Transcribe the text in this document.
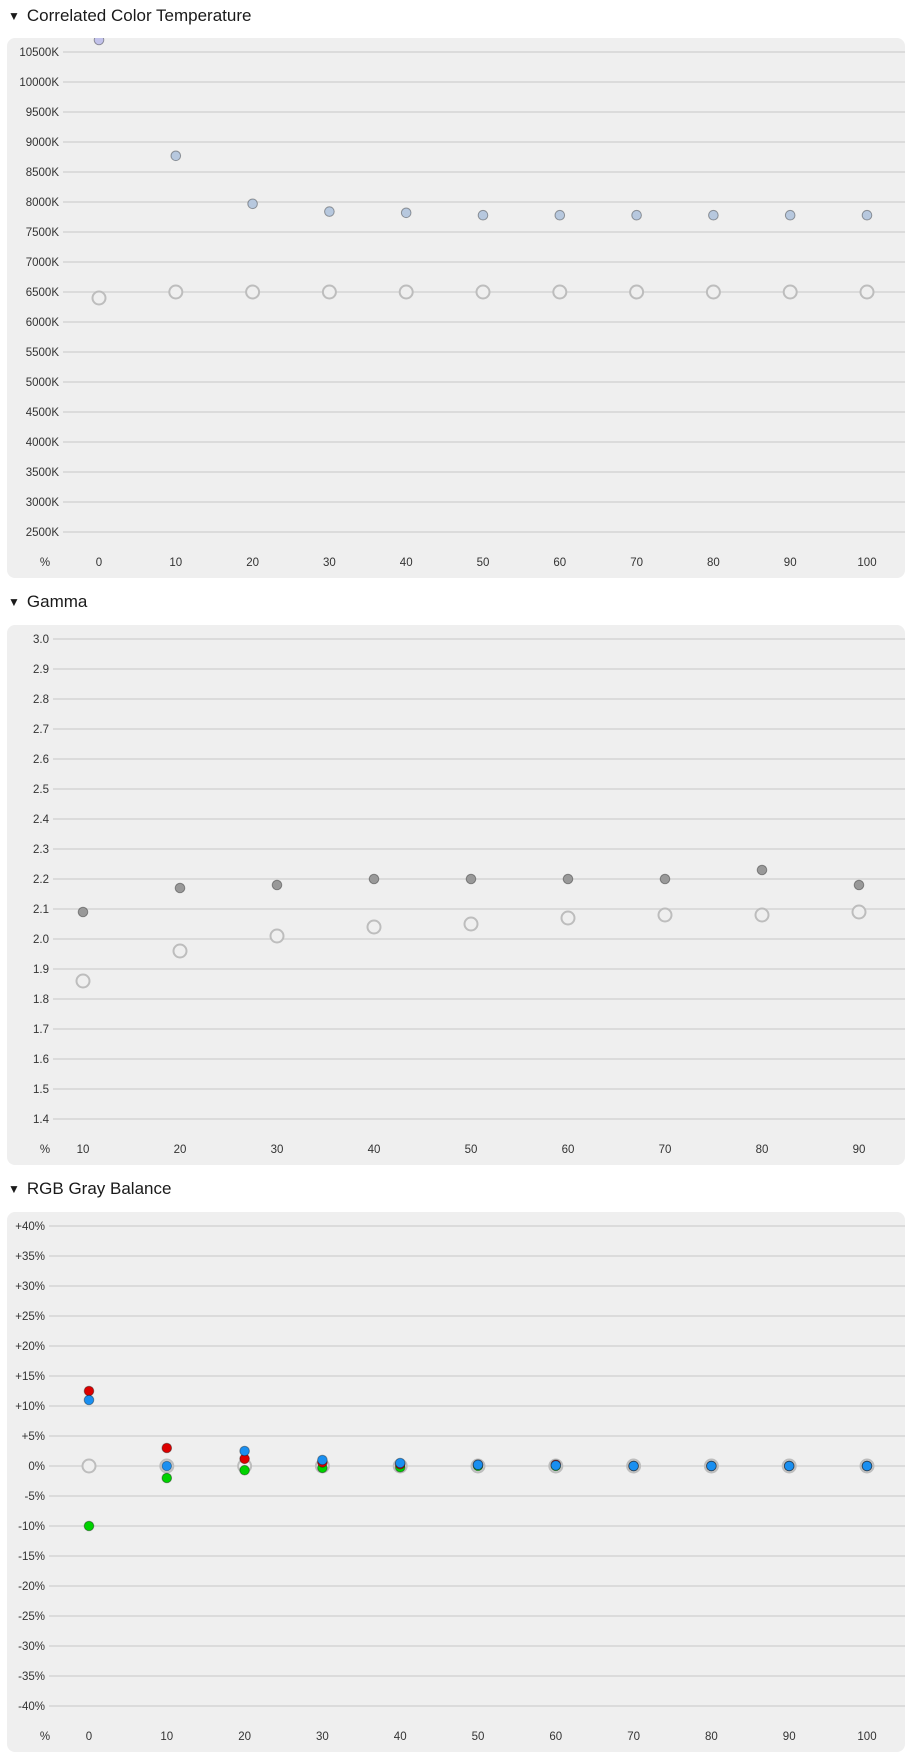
▼ Correlated Color Temperature
2500K
3000K
3500K
4000K
4500K
5000K
5500K
6000K
6500K
7000K
7500K
8000K
8500K
9000K
9500K
10000K
10500K
%	0	10	20	30	40	50	60	70	80	90	100
▼ Gamma
1.4
1.5
1.6
1.7
1.8
1.9
2.0
2.1
2.2
2.3
2.4
2.5
2.6
2.7
2.8
2.9
3.0
% 10	20	30	40	50	60	70	80	90
▼ RGB Gray Balance
-40%
-35%
-30%
-25%
-20%
-15%
-10%
-5%
0%
+5%
+10%
+15%
+20%
+25%
+30%
+35%
+40%
%	0	10	20	30	40	50	60	70	80	90	100
